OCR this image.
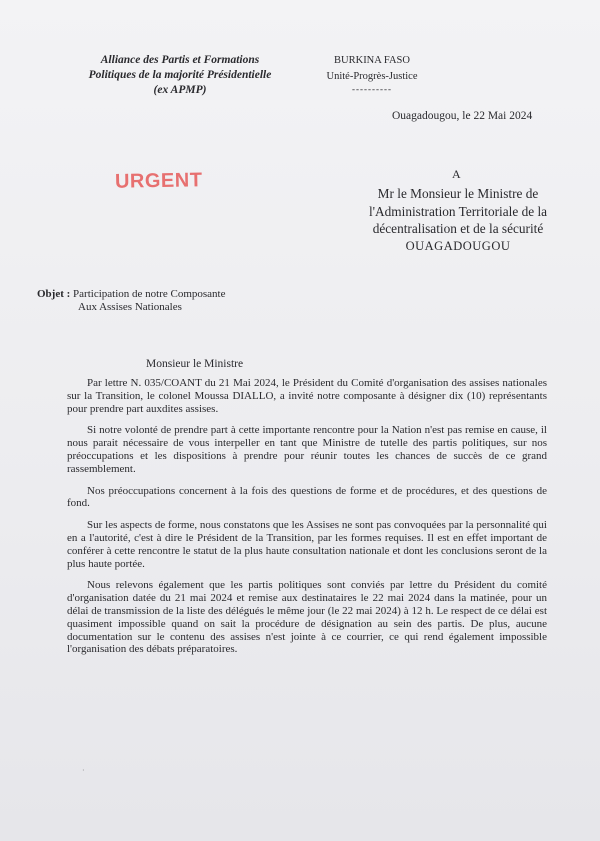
Alliance des Partis et Formations
Politiques de la majorité Présidentielle
(ex APMP)
BURKINA FASO
Unité-Progrès-Justice
----------
Ouagadougou, le 22 Mai 2024
URGENT	A
Mr le Monsieur le Ministre de
l'Administration Territoriale de la
décentralisation et de la sécurité
OUAGADOUGOU
Objet : Participation de notre Composante
Aux Assises Nationales
Monsieur le Ministre

Par lettre N. 035/COANT du 21 Mai 2024, le Président du Comité d'organisation des assises nationales sur la Transition, le colonel Moussa DIALLO, a invité notre composante à désigner dix (10) représentants pour prendre part auxdites assises.

Si notre volonté de prendre part à cette importante rencontre pour la Nation n'est pas remise en cause, il nous parait nécessaire de vous interpeller en tant que Ministre de tutelle des partis politiques, sur nos préoccupations et les dispositions à prendre pour réunir toutes les chances de succès de ce grand rassemblement.

Nos préoccupations concernent à la fois des questions de forme et de procédures, et des questions de fond.

Sur les aspects de forme, nous constatons que les Assises ne sont pas convoquées par la personnalité qui en a l'autorité, c'est à dire le Président de la Transition, par les formes requises. Il est en effet important de conférer à cette rencontre le statut de la plus haute consultation nationale et dont les conclusions seront de la plus haute portée.

Nous relevons également que les partis politiques sont conviés par lettre du Président du comité d'organisation datée du 21 mai 2024 et remise aux destinataires le 22 mai 2024 dans la matinée, pour un délai de transmission de la liste des délégués le même jour (le 22 mai 2024) à 12 h. Le respect de ce délai est quasiment impossible quand on sait la procédure de désignation au sein des partis. De plus, aucune documentation sur le contenu des assises n'est jointe à ce courrier, ce qui rend également impossible l'organisation des débats préparatoires.

·
